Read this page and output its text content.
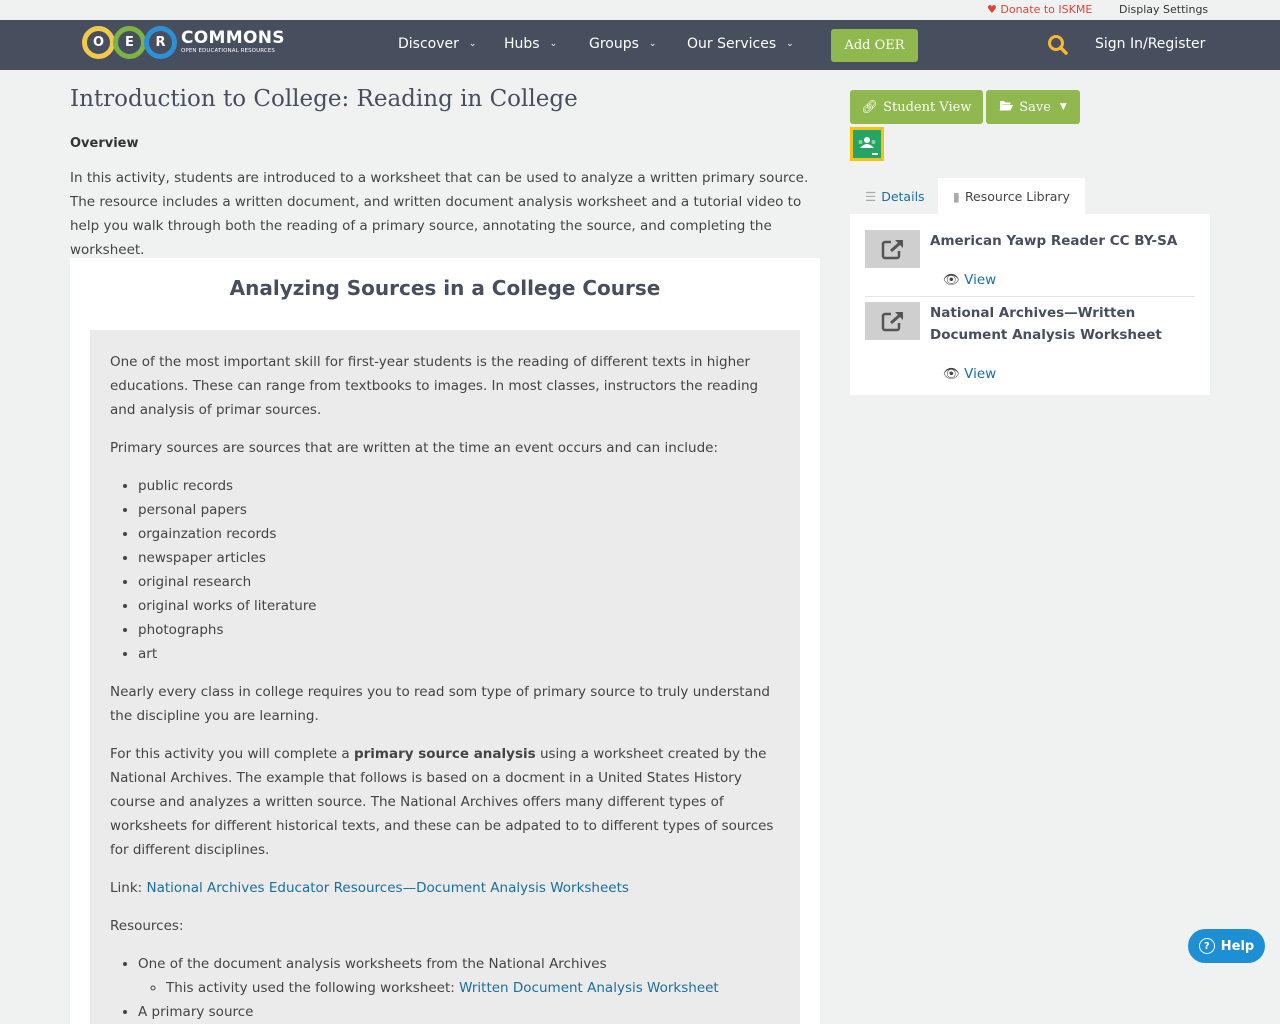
♥ Donate to ISKME Display Settings
O	E	R COMMONS
OPEN EDUCATIONAL RESOURCES	Discover ⌄ Hubs ⌄ Groups ⌄ Our Services ⌄	Add OER	Sign In/Register
Introduction to College: Reading in College
Overview

In this activity, students are introduced to a worksheet that can be used to analyze a written primary source. The resource includes a written document, and written document analysis worksheet and a tutorial video to help you walk through both the reading of a primary source, annotating the source, and completing the worksheet.

Analyzing Sources in a College Course

One of the most important skill for first-year students is the reading of different texts in higher educations. These can range from textbooks to images. In most classes, instructors the reading and analysis of primar sources.

Primary sources are sources that are written at the time an event occurs and can include:

• public records
• personal papers
• orgainzation records
• newspaper articles
• original research
• original works of literature
• photographs
• art

Nearly every class in college requires you to read som type of primary source to truly understand the discipline you are learning.

For this activity you will complete a primary source analysis using a worksheet created by the National Archives. The example that follows is based on a docment in a United States History course and analyzes a written source. The National Archives offers many different types of worksheets for different historical texts, and these can be adpated to to different types of sources for different disciplines.

Link: National Archives Educator Resources—Document Analysis Worksheets

Resources:

• One of the document analysis worksheets from the National Archives
◦ This activity used the following worksheet: Written Document Analysis Worksheet
• A primary source
🔗︎ Student View	Save ▼
☰ Details ▮ Resource Library
American Yawp Reader CC BY-SA
👁︎ View
National Archives—Written Document Analysis Worksheet
👁︎ View
? Help
